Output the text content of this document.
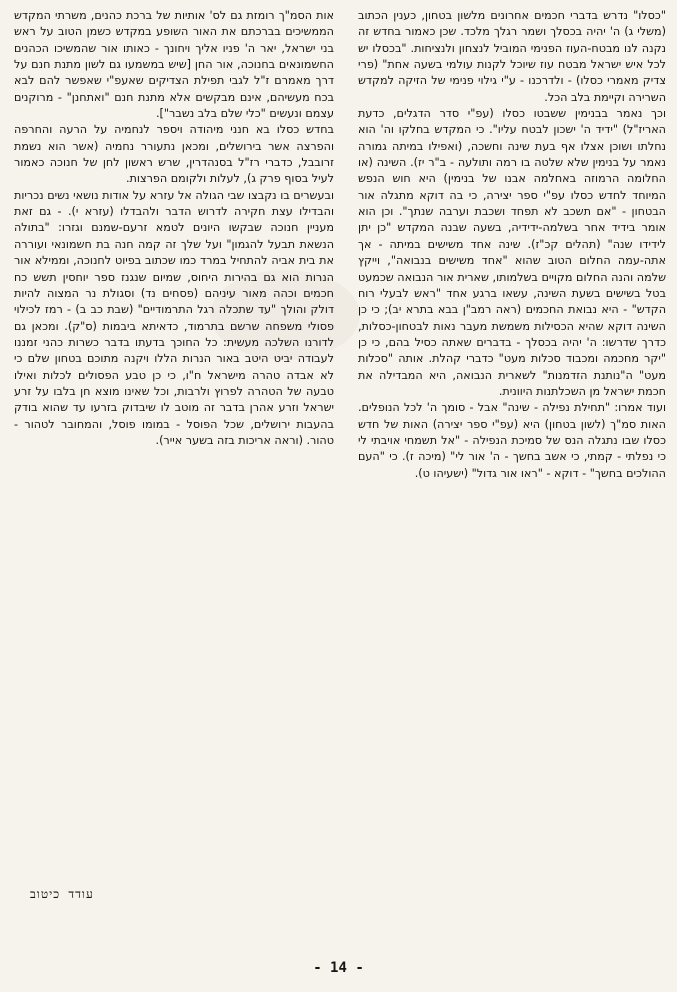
"כסלו" נדרש בדברי חכמים אחרונים מלשון בטחון, כענין הכתוב (משלי ג) ה' יהיה בכסלך ושמר רגלך מלכד. שכן כאמור בחדש זה נקנה לנו מבטח-העוז הפנימי המוביל לנצחון ולנציחות. "בכסלו יש לכל איש ישראל מבטח עוז שיוכל לקנות עולמי בשעה אחת" (פרי צדיק מאמרי כסלו) - ולדרכנו - ע"י גילוי פנימי של הזיקה למקדש השרירה וקיימת בלב הכל.

וכך נאמר בבנימין ששבטו כסלו (עפ"י סדר הדגלים, כדעת האריז"ל) "ידיד ה' ישכון לבטח עליו". כי המקדש בחלקו וה' הוא נחלתו ושוכן אצלו אף בעת שינה וחשכה, (ואפילו במיתה גמורה נאמר על בנימין שלא שלטה בו רמה ותולעה - ב"ר יז). השינה (או החלומה הרמוזה באחלמה אבנו של בנימין) היא חוש הנפש המיוחד לחדש כסלו עפ"י ספר יצירה, כי בה דוקא מתגלה אור הבטחון - "אם תשכב לא תפחד ושכבת וערבה שנתך". וכן הוא אומר בידיד אחר בשלמה-ידידיה, בשעה שבנה המקדש "כן יתן לידידו שנה" (תהלים קכ"ז). שינה אחד משישים במיתה - אך אתה-עמה החלום הטוב שהוא "אחד משישים בנבואה", וייקץ שלמה והנה החלום מקויים בשלמותו, שארית אור הנבואה שכמעט בטל בשישים בשעת השינה, עשאו ברגע אחד "ראש לבעלי רוח הקדש" - היא נבואת החכמים (ראה רמב"ן בבא בתרא יב); כי כן השינה דוקא שהיא הכסילות משמשת מעבר נאות לבטחון-כסלות, כדרך שדרשו: ה' יהיה בכסלך - בדברים שאתה כסיל בהם, כי כן "יקר מחכמה ומכבוד סכלות מעט" כדברי קהלת. אותה "סכלות מעט" ה"נותנת הזדמנות" לשארית הנבואה, היא המבדילה את חכמת ישראל מן השכלתנות היוונית.

ועוד אמרו: "תחילת נפילה - שינה" אבל - סומך ה' לכל הנופלים. האות סמ"ך (לשון בטחון) היא (עפ"י ספר יצירה) האות של חדש כסלו שבו נתגלה הנס של סמיכת הנפילה - "אל תשמחי אויבתי לי כי נפלתי - קמתי, כי אשב בחשך - ה' אור לי" (מיכה ז). כי "העם ההולכים בחשך" - דוקא - "ראו אור גדול" (ישעיהו ט).

אות הסמ"ך רומזת גם לס' אותיות של ברכת כהנים, משרתי המקדש הממשיכים בברכתם את האור השופע במקדש כשמן הטוב על ראש בני ישראל, יאר ה' פניו אליך ויחונך - כאותו אור שהמשיכו הכהנים החשמונאים בחנוכה, אור החן [שיש במשמעו גם לשון מתנת חנם על דרך מאמרם ז"ל לגבי תפילת הצדיקים שאעפ"י שאפשר להם לבא בכח מעשיהם, אינם מבקשים אלא מתנת חנם "ואתחנן" - מרוקנים עצמם ונעשים "כלי שלם בלב נשבר"].

בחדש כסלו בא חנני מיהודה ויספר לנחמיה על הרעה והחרפה והפרצה אשר בירושלים, ומכאן נתעורר נחמיה (אשר הוא נשמת זרובבל, כדברי רז"ל בסנהדרין, שרש ראשון לחן של חנוכה כאמור לעיל בסוף פרק ג), לעלות ולקומם הפרצות.

ובעשרים בו נקבצו שבי הגולה אל עזרא על אודות נושאי נשים נכריות והבדילו עצת חקירה לדרוש הדבר ולהבדלו (עזרא י). - גם זאת מעניין חנוכה שבקשו היונים לטמא זרעם-שמנם וגזרו: "בתולה הנשאת תבעל להגמון" ועל שלך זה קמה חנה בת חשמונאי ועוררה את בית אביה להתחיל במרד כמו שכתוב בפיוט לחנוכה, וממילא אור הנרות הוא גם בהירות היחוס, שמיום שנגנז ספר יוחסין תשש כח חכמים וכהה מאור עיניהם (פסחים נד) וסגולת נר המצוה להיות דולק והולך "עד שתכלה רגל התרמודיים" (שבת כב ב) - רמז לכילוי פסולי משפחה שרשם בתרמוד, כדאיתא ביבמות (ס"ק). ומכאן גם לדורנו השלכה מעשית: כל החוכך בדעתו בדבר כשרות כהני זמננו לעבודה יביט היטב באור הנרות הללו ויקנה מתוכם בטחון שלם כי לא אבדה טהרה מישראל ח"ו, כי כן טבע הפסולים לכלות ואילו טבעה של הטהרה לפרוץ ולרבות, וכל שאינו מוצא חן בלבו על זרע ישראל וזרע אהרן בדבר זה מוטב לו שיבדוק בזרעו עד שהוא בודק בהעבות ירושלים, שכל הפוסל - במומו פוסל, והמחובר לטהור - טהור. (וראה אריכות בזה בשער אייר).

עודד כיטוב
- 14 -
